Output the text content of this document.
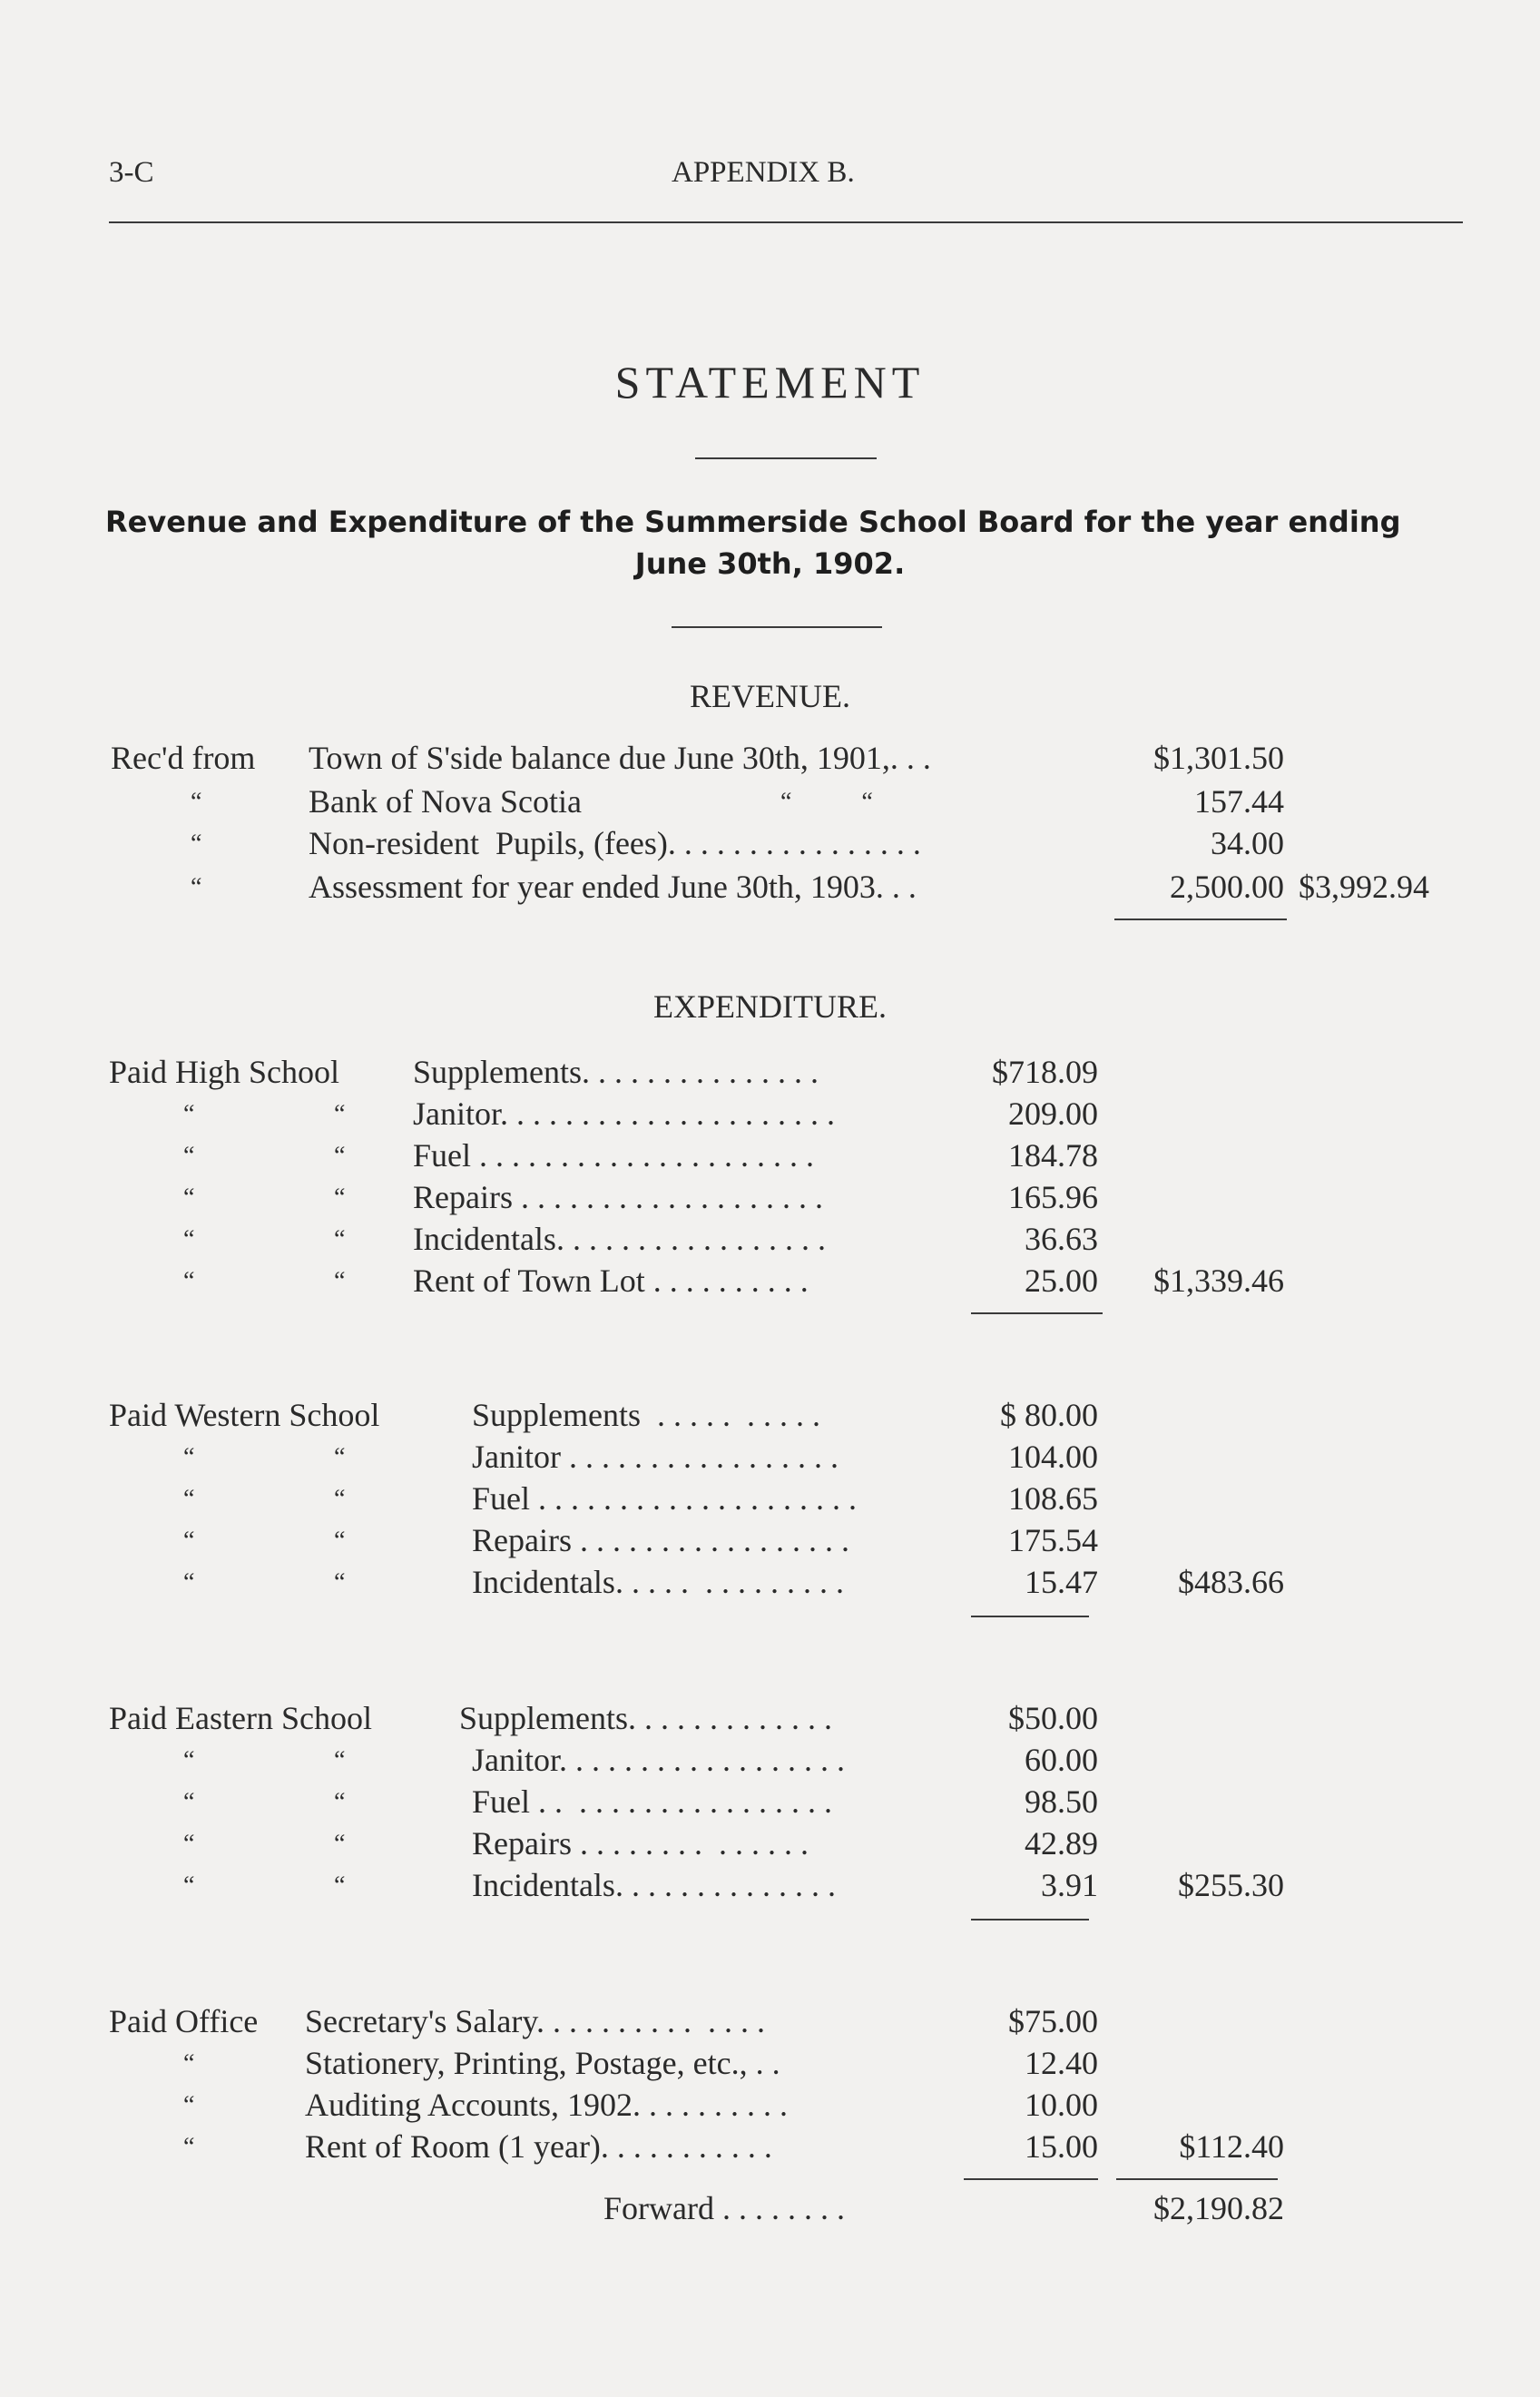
3-C	APPENDIX B.
STATEMENT
Revenue and Expenditure of the Summerside School Board for the year ending
June 30th, 1902.
REVENUE.
Rec'd from Town of S'side balance due June 30th, 1901,. . .	$1,301.50
“	Bank of Nova Scotia	“           “	157.44
“	Non-resident  Pupils, (fees). . . . . . . . . . . . . . . .	34.00
“	Assessment for year ended June 30th, 1903. . .	2,500.00 $3,992.94
EXPENDITURE.
Paid High School Supplements. . . . . . . . . . . . . . .	$718.09
“	“ Janitor. . . . . . . . . . . . . . . . . . . . .	209.00
“	“ Fuel . . . . . . . . . . . . . . . . . . . . .	184.78
“	“ Repairs . . . . . . . . . . . . . . . . . . .	165.96
“	“ Incidentals. . . . . . . . . . . . . . . . .	36.63
“	“ Rent of Town Lot . . . . . . . . . .	25.00	$1,339.46
Paid Western School	Supplements  . . . . .  . . . . .	$ 80.00
“	“	Janitor . . . . . . . . . . . . . . . . .	104.00
“	“	Fuel . . . . . . . . . . . . . . . . . . . .	108.65
“	“	Repairs . . . . . . . . . . . . . . . . .	175.54
“	“	Incidentals. . . . .  . . . . . . . . .	15.47	$483.66
Paid Eastern School	Supplements. . . . . . . . . . . . .	$50.00
“	“	Janitor. . . . . . . . . . . . . . . . . .	60.00
“	“	Fuel . .  . . . . . . . . . . . . . . . .	98.50
“	“	Repairs . . . . . . . .  . . . . . .	42.89
“	“	Incidentals. . . . . . . . . . . . . .	3.91	$255.30
Paid Office Secretary's Salary. . . . . . . . . .  . . . .	$75.00
“	Stationery, Printing, Postage, etc., . .	12.40
“	Auditing Accounts, 1902. . . . . . . . . .	10.00
“	Rent of Room (1 year). . . . . . . . . . .	15.00	$112.40
Forward . . . . . . . .	$2,190.82
